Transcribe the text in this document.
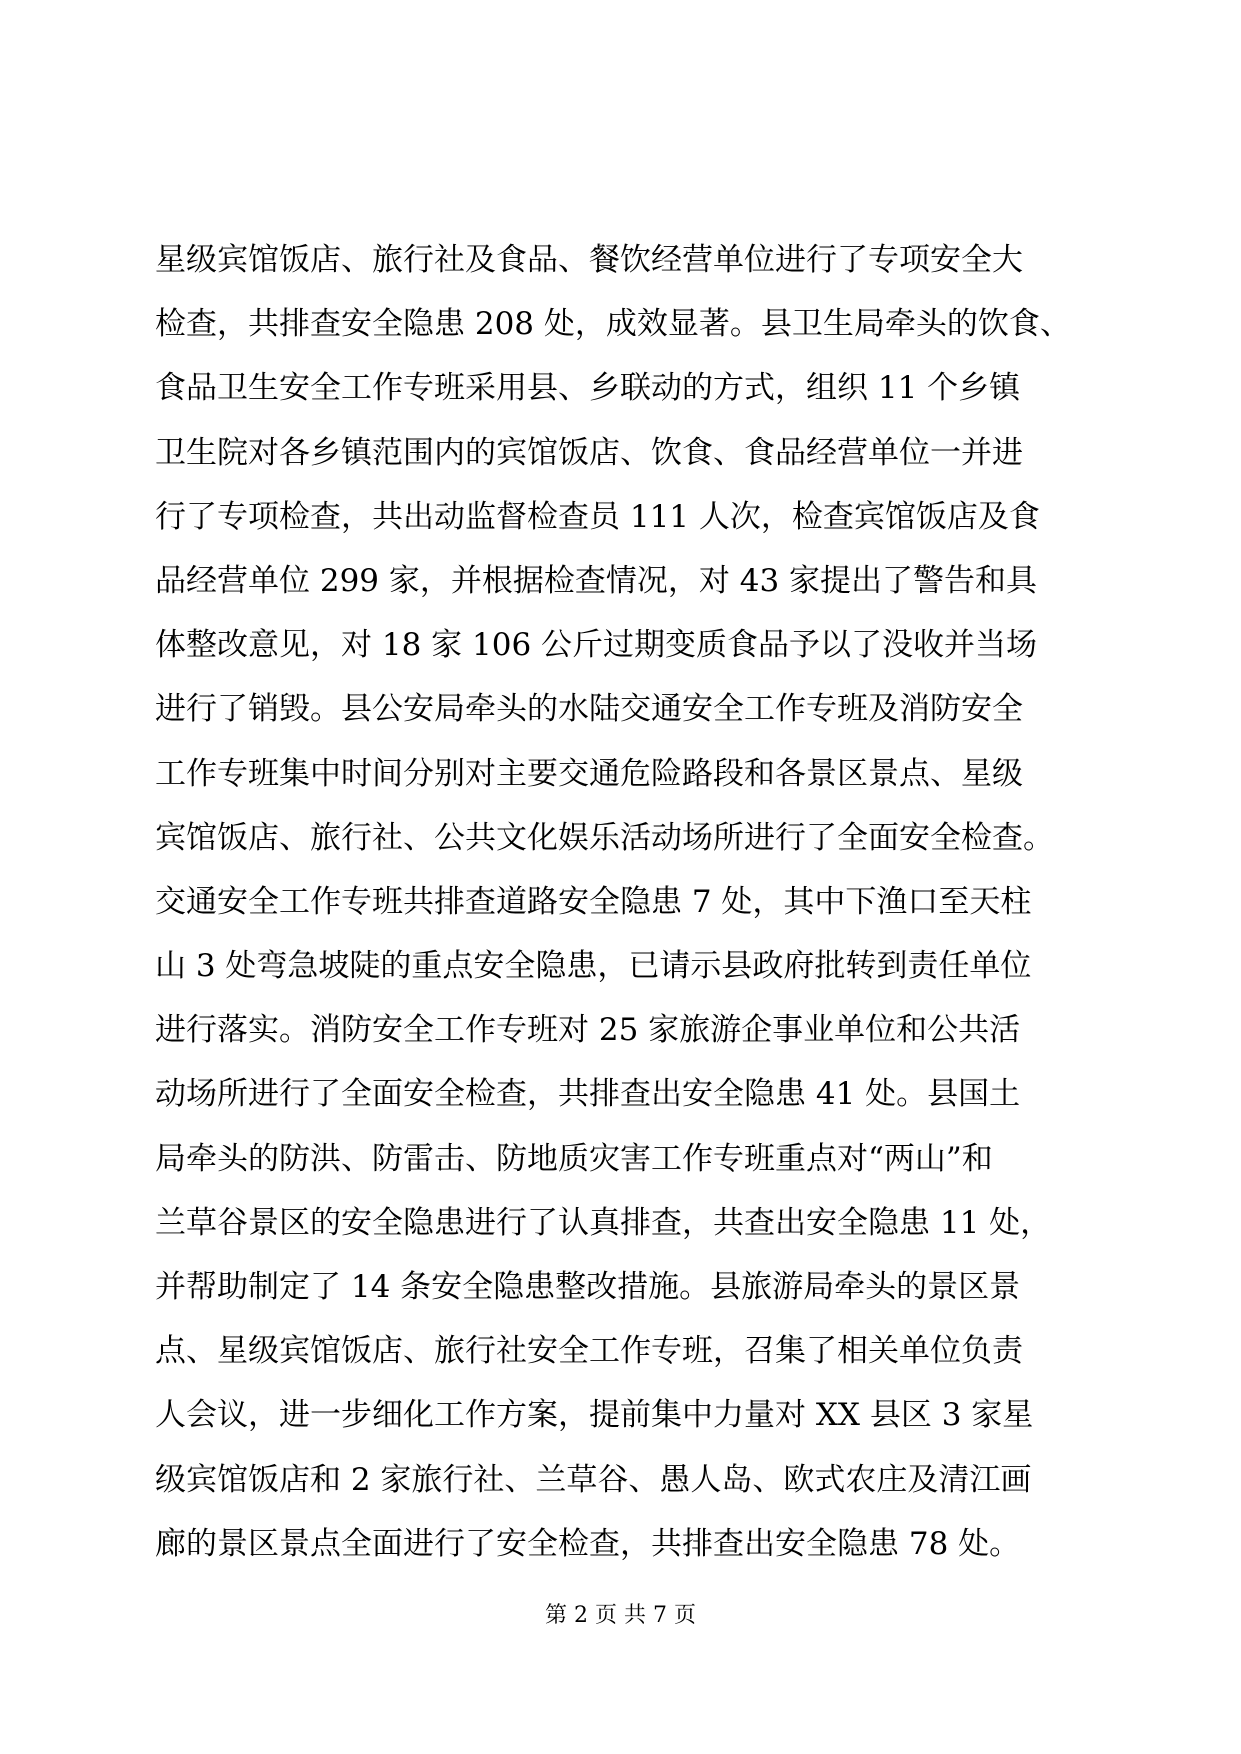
星级宾馆饭店、旅行社及食品、餐饮经营单位进行了专项安全大
检查，共排查安全隐患 208 处，成效显著。县卫生局牵头的饮食、
食品卫生安全工作专班采用县、乡联动的方式，组织 11 个乡镇
卫生院对各乡镇范围内的宾馆饭店、饮食、食品经营单位一并进
行了专项检查，共出动监督检查员 111 人次，检查宾馆饭店及食
品经营单位 299 家，并根据检查情况，对 43 家提出了警告和具
体整改意见，对 18 家 106 公斤过期变质食品予以了没收并当场
进行了销毁。县公安局牵头的水陆交通安全工作专班及消防安全
工作专班集中时间分别对主要交通危险路段和各景区景点、星级
宾馆饭店、旅行社、公共文化娱乐活动场所进行了全面安全检查。
交通安全工作专班共排查道路安全隐患 7 处，其中下渔口至天柱
山 3 处弯急坡陡的重点安全隐患，已请示县政府批转到责任单位
进行落实。消防安全工作专班对 25 家旅游企事业单位和公共活
动场所进行了全面安全检查，共排查出安全隐患 41 处。县国土
局牵头的防洪、防雷击、防地质灾害工作专班重点对“两山”和
兰草谷景区的安全隐患进行了认真排查，共查出安全隐患 11 处，
并帮助制定了 14 条安全隐患整改措施。县旅游局牵头的景区景
点、星级宾馆饭店、旅行社安全工作专班，召集了相关单位负责
人会议，进一步细化工作方案，提前集中力量对 XX 县区 3 家星
级宾馆饭店和 2 家旅行社、兰草谷、愚人岛、欧式农庄及清江画
廊的景区景点全面进行了安全检查，共排查出安全隐患 78 处。
第 2 页 共 7 页
